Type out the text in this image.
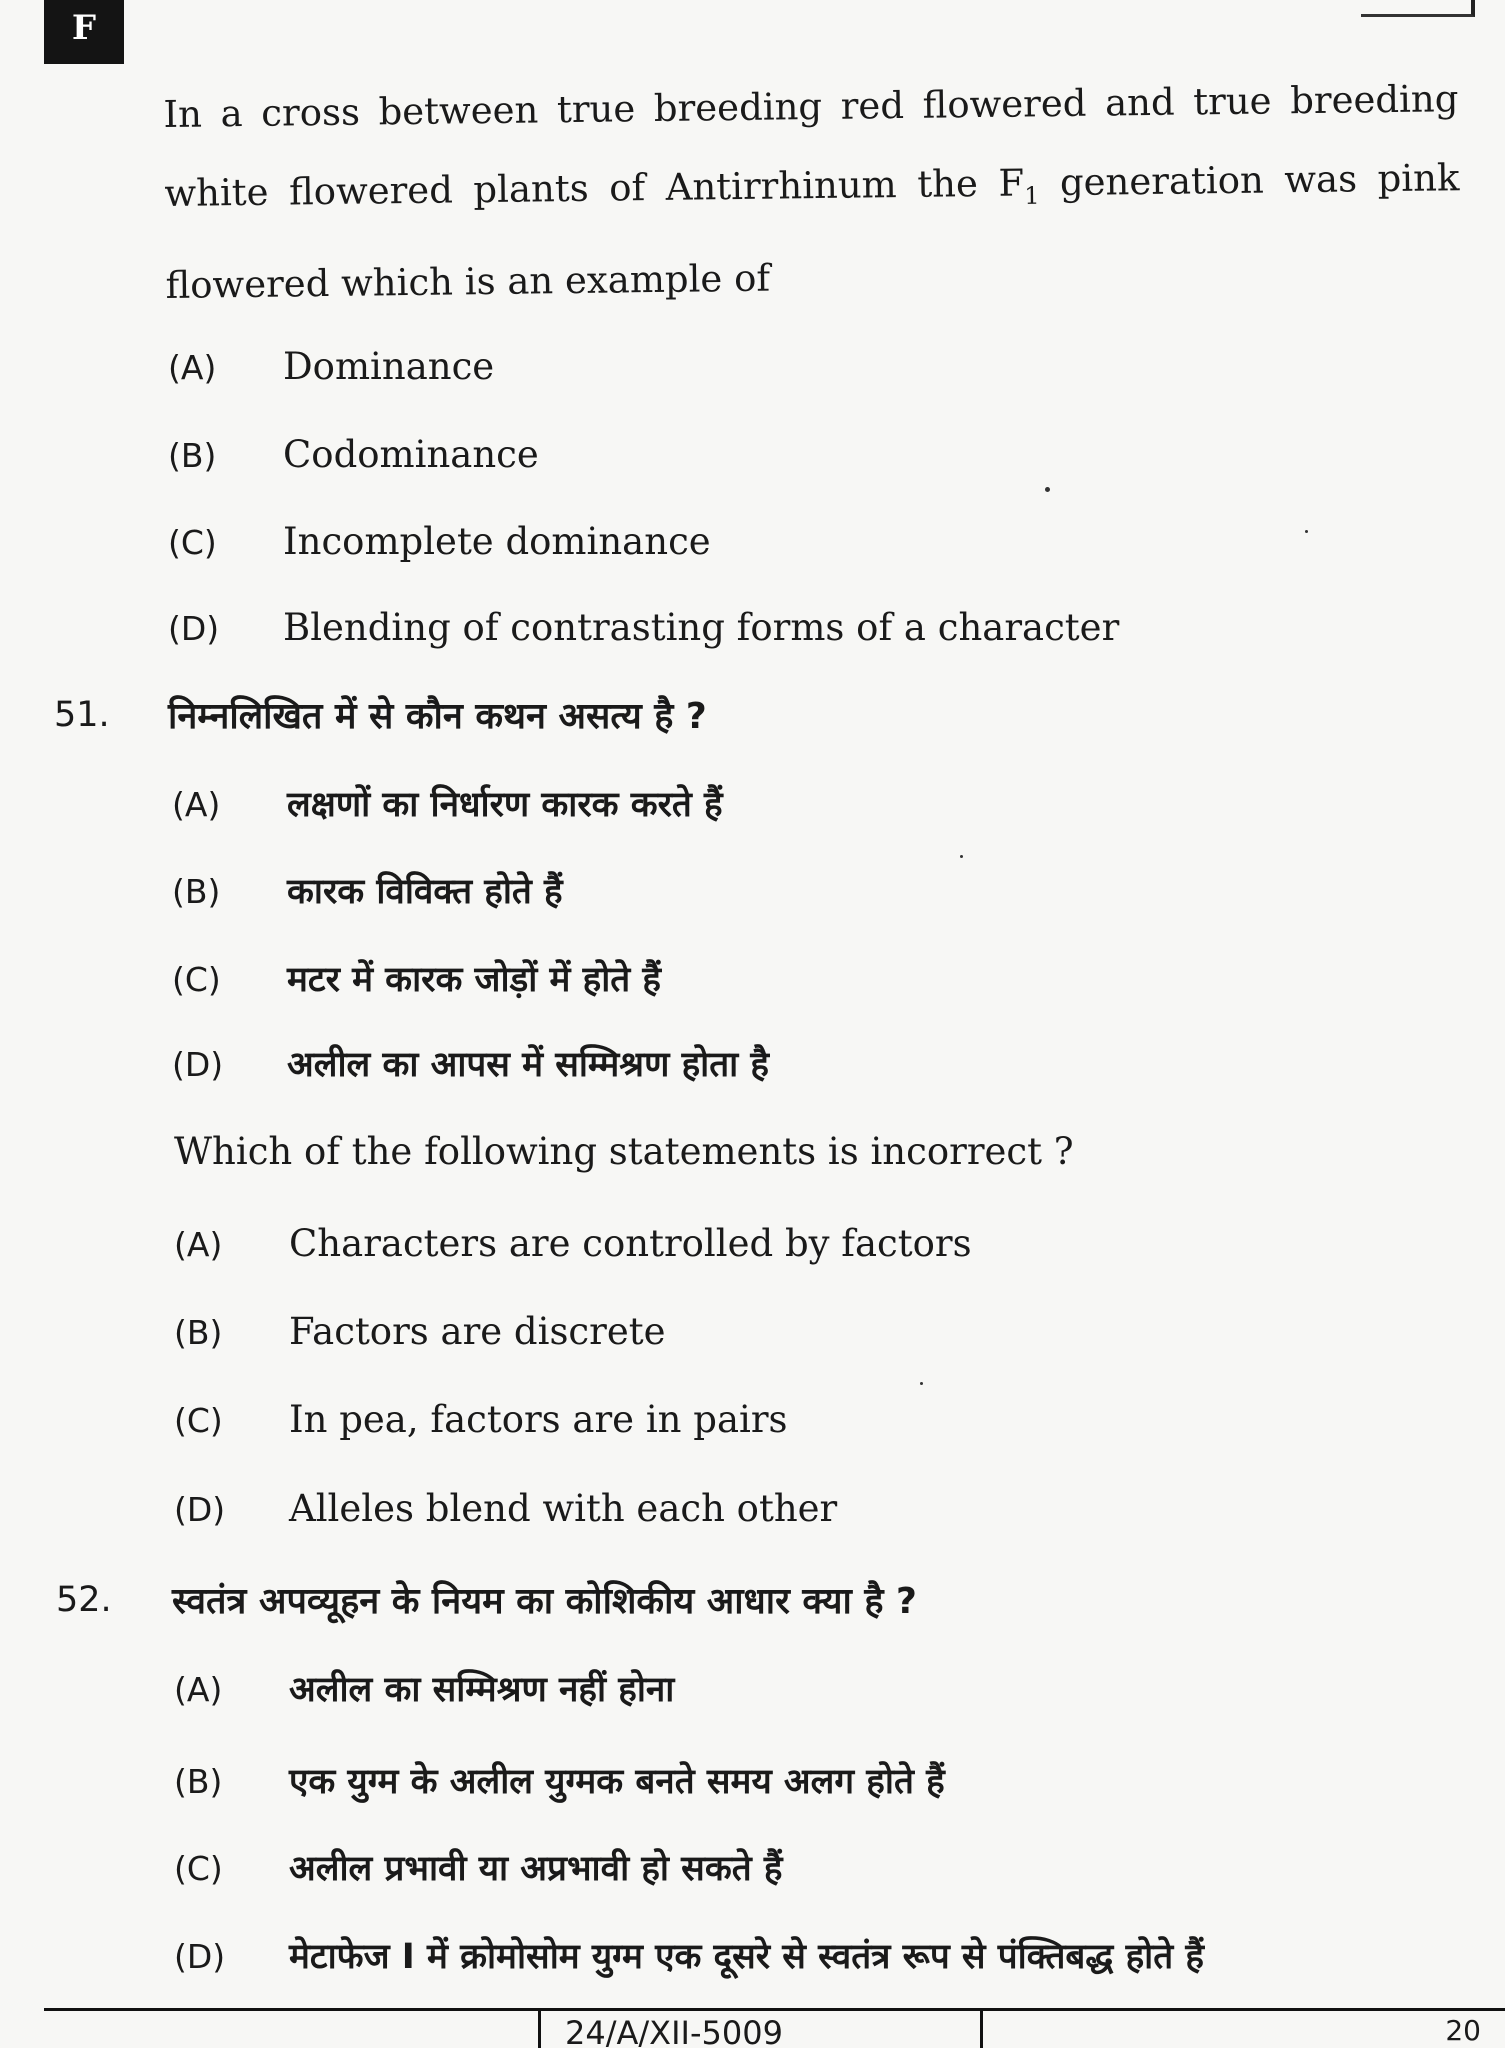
F
In a cross between true breeding red flowered and true breeding white flowered plants of Antirrhinum the $F_1$ generation was pink flowered which is an example of
(A)	Dominance
(B)	Codominance
(C)	Incomplete dominance
(D)	Blending of contrasting forms of a character
51. निम्नलिखित में से कौन कथन असत्य है ?
(A)	लक्षणों का निर्धारण कारक करते हैं
(B)	कारक विविक्त होते हैं
(C)	मटर में कारक जोड़ों में होते हैं
(D)	अलील का आपस में सम्मिश्रण होता है
Which of the following statements is incorrect ?
(A)	Characters are controlled by factors
(B)	Factors are discrete
(C)	In pea, factors are in pairs
(D)	Alleles blend with each other
52. स्वतंत्र अपव्यूहन के नियम का कोशिकीय आधार क्या है ?
(A)	अलील का सम्मिश्रण नहीं होना
(B)	एक युग्म के अलील युग्मक बनते समय अलग होते हैं
(C)	अलील प्रभावी या अप्रभावी हो सकते हैं
(D)	मेटाफेज I में क्रोमोसोम युग्म एक दूसरे से स्वतंत्र रूप से पंक्तिबद्ध होते हैं
24/A/XII-5009	20
